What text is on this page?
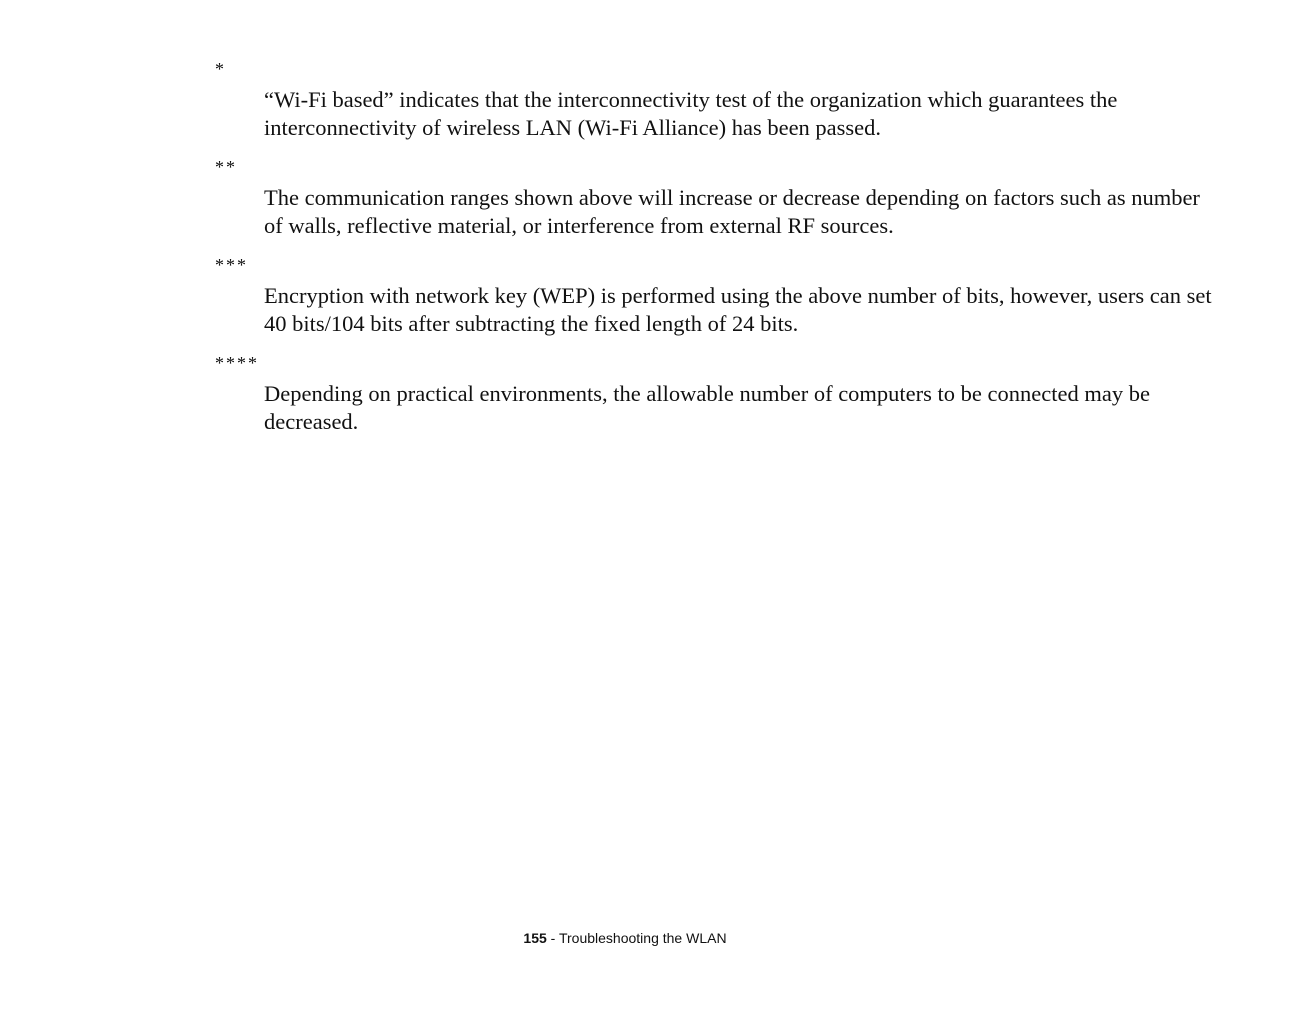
*

“Wi-Fi based” indicates that the interconnectivity test of the organization which guarantees the interconnectivity of wireless LAN (Wi-Fi Alliance) has been passed.

**

The communication ranges shown above will increase or decrease depending on factors such as number of walls, reflective material, or interference from external RF sources.

***

Encryption with network key (WEP) is performed using the above number of bits, however, users can set 40 bits/104 bits after subtracting the fixed length of 24 bits.

****

Depending on practical environments, the allowable number of computers to be connected may be decreased.

155 - Troubleshooting the WLAN
